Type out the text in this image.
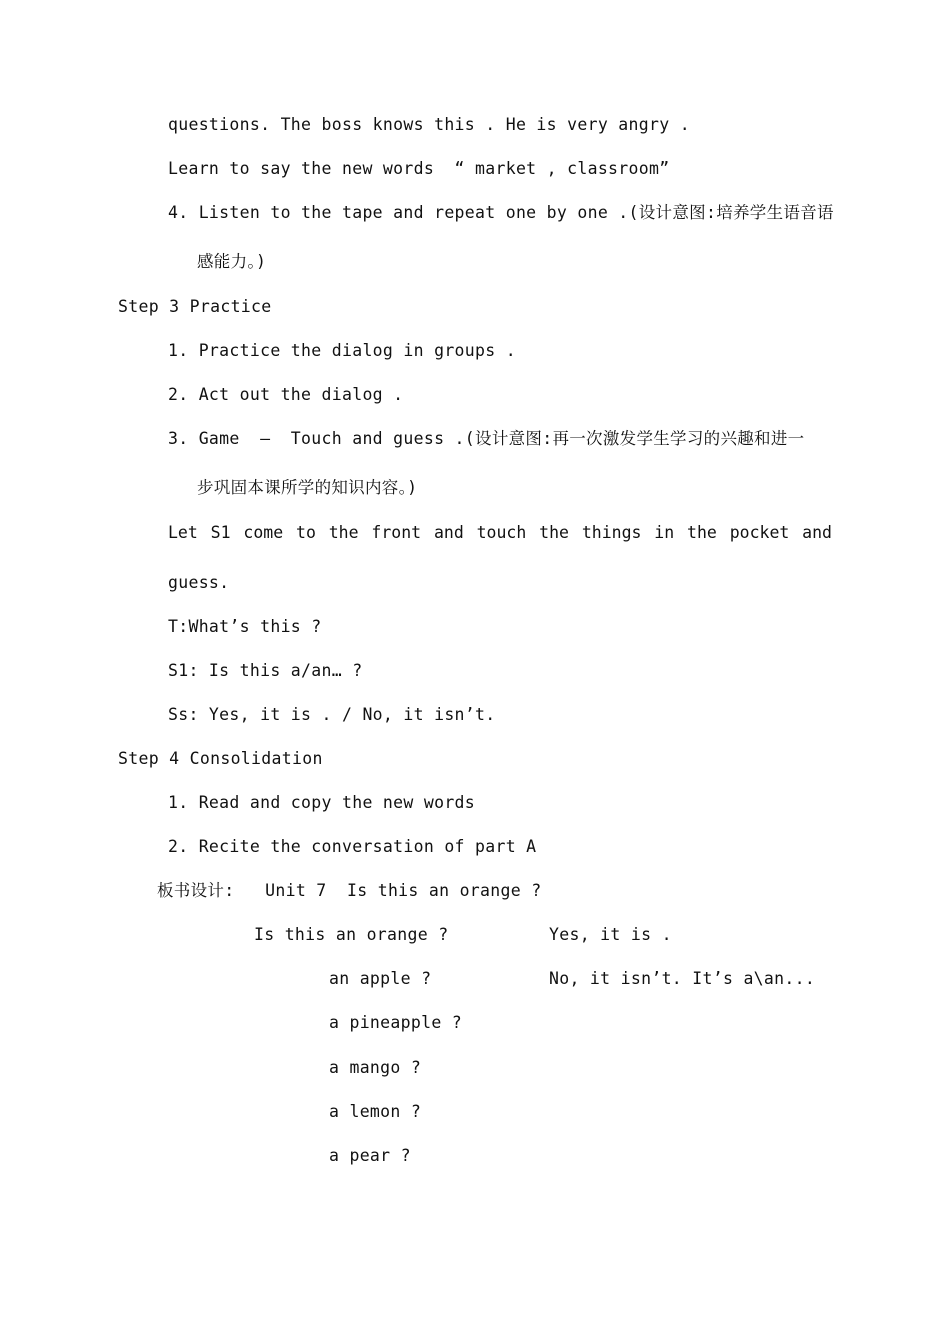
questions. The boss knows this . He is very angry .
Learn to say the new words  “ market , classroom”
4. Listen to the tape and repeat one by one .(设计意图:培养学生语音语
感能力。)
Step 3 Practice
1. Practice the dialog in groups .
2. Act out the dialog .
3. Game  —  Touch and guess .(设计意图:再一次激发学生学习的兴趣和进一
步巩固本课所学的知识内容。)
Let S1 come to the front and touch the things in the pocket and
guess.
T:What’s this ?
S1: Is this a/an… ?
Ss: Yes, it is . / No, it isn’t.
Step 4 Consolidation
1. Read and copy the new words
2. Recite the conversation of part A
板书设计:   Unit 7  Is this an orange ?
Is this an orange ?	Yes, it is .
an apple ?	No, it isn’t. It’s a\an...
a pineapple ?
a mango ?
a lemon ?
a pear ?
